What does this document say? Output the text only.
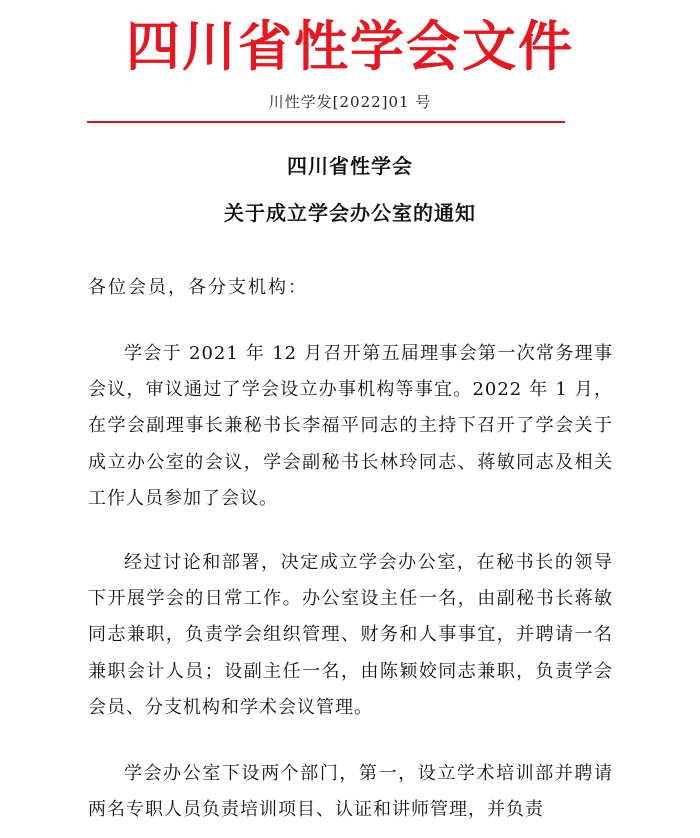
四川省性学会文件
川性学发[2022]01 号
四川省性学会
关于成立学会办公室的通知
各位会员，各分支机构：

学会于 2021 年 12 月召开第五届理事会第一次常务理事会议，审议通过了学会设立办事机构等事宜。2022 年 1 月，在学会副理事长兼秘书长李福平同志的主持下召开了学会关于成立办公室的会议，学会副秘书长林玲同志、蒋敏同志及相关工作人员参加了会议。

经过讨论和部署，决定成立学会办公室，在秘书长的领导下开展学会的日常工作。办公室设主任一名，由副秘书长蒋敏同志兼职，负责学会组织管理、财务和人事事宜，并聘请一名兼职会计人员；设副主任一名，由陈颖姣同志兼职，负责学会会员、分支机构和学术会议管理。

学会办公室下设两个部门，第一，设立学术培训部并聘请两名专职人员负责培训项目、认证和讲师管理，并负责
